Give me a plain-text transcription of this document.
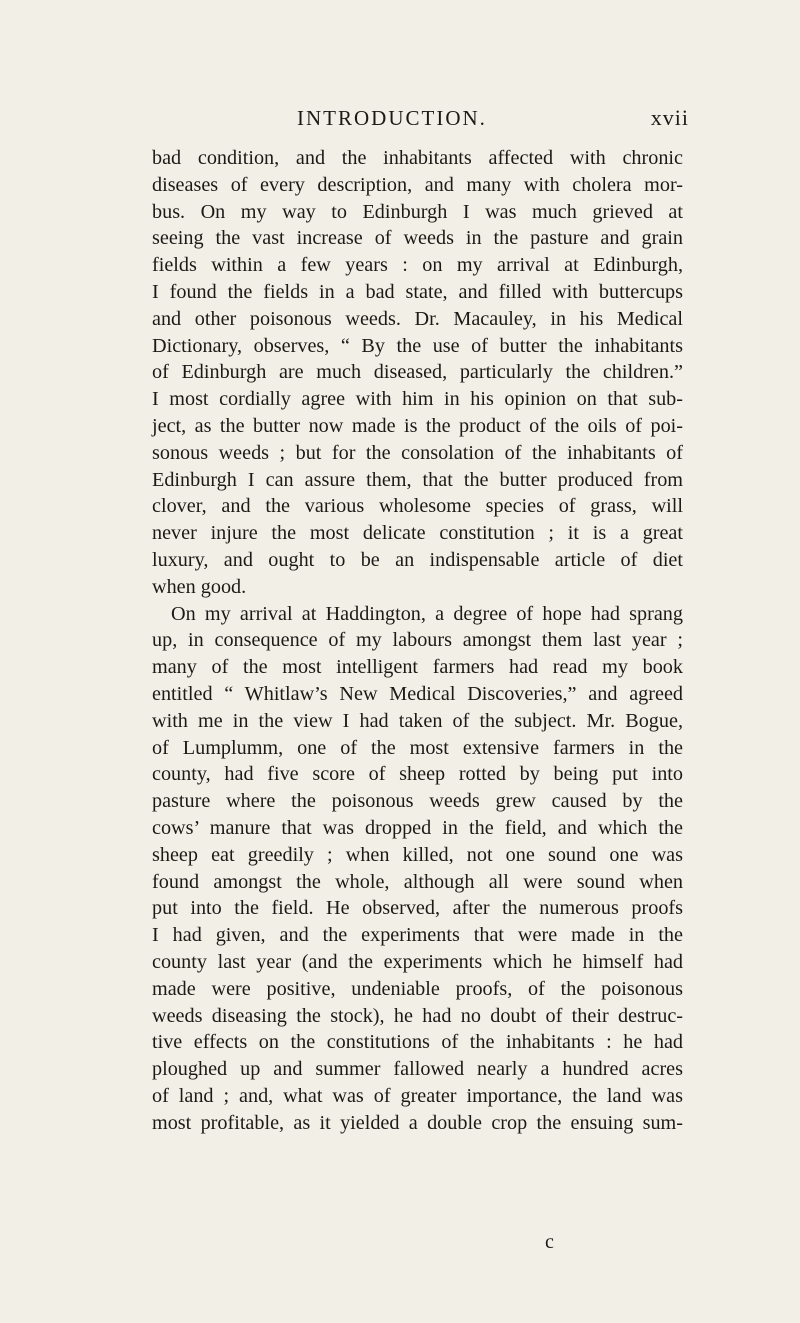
INTRODUCTION.	xvii
bad condition, and the inhabitants affected with chronic
diseases of every description, and many with cholera mor-
bus. On my way to Edinburgh I was much grieved at
seeing the vast increase of weeds in the pasture and grain
fields within a few years : on my arrival at Edinburgh,
I found the fields in a bad state, and filled with buttercups
and other poisonous weeds. Dr. Macauley, in his Medical
Dictionary, observes, “ By the use of butter the inhabitants
of Edinburgh are much diseased, particularly the children.”
I most cordially agree with him in his opinion on that sub-
ject, as the butter now made is the product of the oils of poi-
sonous weeds ; but for the consolation of the inhabitants of
Edinburgh I can assure them, that the butter produced from
clover, and the various wholesome species of grass, will
never injure the most delicate constitution ; it is a great
luxury, and ought to be an indispensable article of diet
when good.
On my arrival at Haddington, a degree of hope had sprang
up, in consequence of my labours amongst them last year ;
many of the most intelligent farmers had read my book
entitled “ Whitlaw’s New Medical Discoveries,” and agreed
with me in the view I had taken of the subject. Mr. Bogue,
of Lumplumm, one of the most extensive farmers in the
county, had five score of sheep rotted by being put into
pasture where the poisonous weeds grew caused by the
cows’ manure that was dropped in the field, and which the
sheep eat greedily ; when killed, not one sound one was
found amongst the whole, although all were sound when
put into the field. He observed, after the numerous proofs
I had given, and the experiments that were made in the
county last year (and the experiments which he himself had
made were positive, undeniable proofs, of the poisonous
weeds diseasing the stock), he had no doubt of their destruc-
tive effects on the constitutions of the inhabitants : he had
ploughed up and summer fallowed nearly a hundred acres
of land ; and, what was of greater importance, the land was
most profitable, as it yielded a double crop the ensuing sum-
c
